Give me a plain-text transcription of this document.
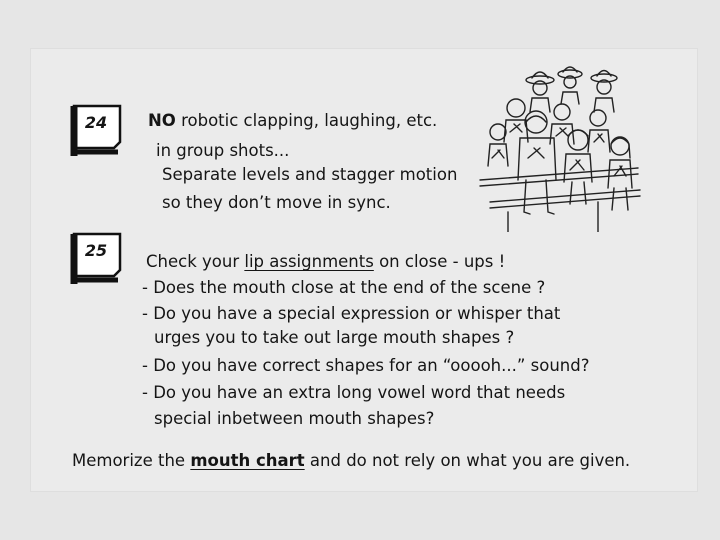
24	NO robotic clapping, laughing, etc.
in group shots...
Separate levels and stagger motion
so they don’t move in sync.
25
Check your lip assignments on close - ups !
- Does the mouth close at the end of the scene ?
- Do you have a special expression or whisper that
urges you to take out large mouth shapes ?
- Do you have correct shapes for an “ooooh...” sound?
- Do you have an extra long vowel word that needs
special inbetween mouth shapes?
Memorize the mouth chart and do not rely on what you are given.
